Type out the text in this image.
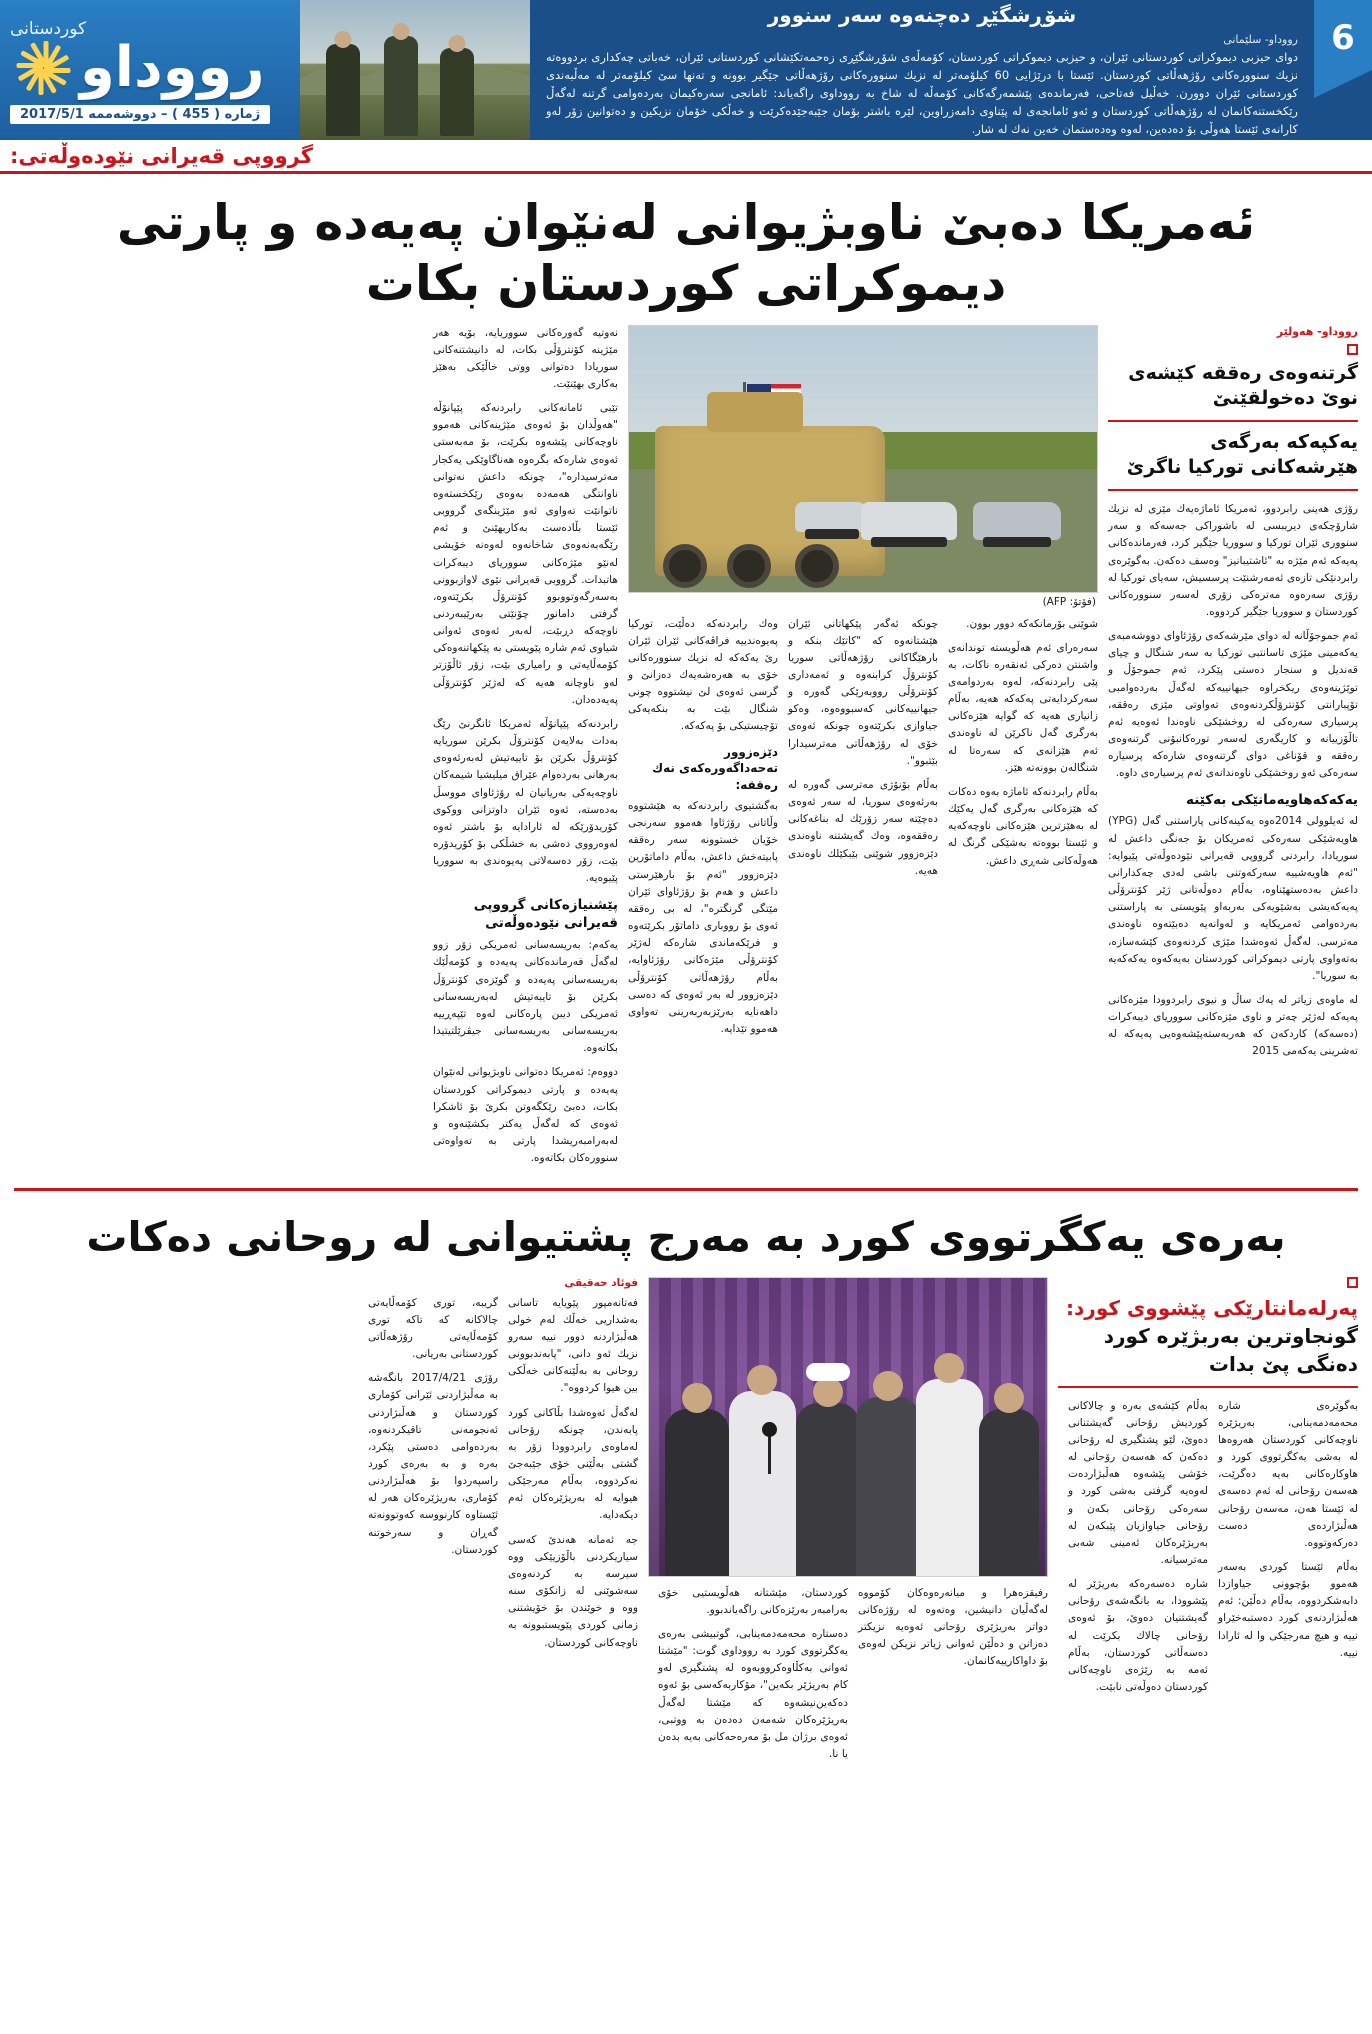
كوردستانی
رووداو
ژماره‌ ( 455 ) – دووشه‌ممه‌ 2017/5/1
شۆڕشگێڕ ده‌چنه‌وه‌ سه‌ر سنوور
رووداو- سلێمانی
دوای حیزبی دیموكراتی كوردستانی ئێران، و حیزبی دیموكراتی كوردستان، كۆمه‌ڵه‌ی شۆڕشگێڕی زه‌حمه‌تكێشانی كوردستانی ئێران، خه‌باتی چه‌كداری بردووه‌ته‌ نزیك سنووره‌كانی رۆژهه‌ڵاتی كوردستان. ئێستا با درێژایی 60 كیلۆمه‌تر له‌ نزیك سنووره‌كانی رۆژهه‌ڵاتی جێگیر بوونه‌ و ته‌نها سێ كیلۆمه‌تر له‌ مه‌ڵبه‌ندی كوردستانی ئێران دوورن. خه‌ڵیل فه‌تاحی، فه‌رمانده‌ی پێشمه‌رگه‌كانی كۆمه‌ڵه‌ له‌ شاخ به‌ رووداوی راگه‌یاند: ئامانجی سه‌ره‌كیمان به‌رده‌وامی گرتنه‌ له‌گه‌ڵ رێكخستنه‌كانمان له‌ رۆژهه‌ڵاتی كوردستان و ئه‌و ئامانجه‌ی له‌ پێناوی دامه‌زراوین، لێره‌ باشتر بۆمان جێبه‌جێده‌كرێت و خه‌ڵكی خۆمان نزیكین و ده‌توانین زۆر لەو كارانە‌ی ئێستا هه‌وڵی بۆ دەدەین، لەوە‌ وەدەستمان خەین نەك له‌ شار.
6
گرووپی قه‌یرانی نێوده‌وڵه‌تی:
ئه‌مریكا ده‌بێ ناوبژیوانی له‌نێوان په‌یه‌ده‌ و پارتی دیموكراتی كوردستان بكات
رووداو- هه‌ولێر
گرتنه‌وه‌ی ره‌ققه‌ كێشه‌ی نوێ ده‌خولقێنێ
یه‌كپه‌كه‌ به‌رگه‌ی هێرشه‌كانی توركیا ناگرێ

رۆژی هه‌ینی رابردوو، ئه‌مریكا ئاماژه‌یه‌ك مێزی له‌ نزیك شارۆچكه‌ی دیریبسی له‌ باشوراكی جه‌سه‌كه‌ و سه‌ر سنووری ئێران توركیا و سووریا جێگیر كرد، فه‌رمانده‌كانی په‌یه‌كه‌ ئه‌م مێژه‌ به‌ "ئاشتیبانیز" وه‌سف ده‌كه‌ن. به‌گوێره‌ی رابردنێكی تازه‌ی ئه‌مه‌رشنێت پرسسیش، سه‌یای توركیا له‌ رۆژی سه‌ره‌وه‌ مه‌تره‌كی زۆری له‌سه‌ر سنووره‌كانی كوردستان و سووریا جێگیر كردووه‌.

ئه‌م جموجۆڵانه‌ له‌ دوای مێرشه‌كه‌ی رۆژئاوای دووشه‌مبه‌ی یه‌كه‌مینی مێژی تاسانتبی توركیا به‌ سه‌ر شنگال و چیای قه‌ندیل و سنجار ده‌ستی پێكرد، ئه‌م جموجۆڵ و توێژینه‌وه‌ی ریكخراوه‌ جیهانییه‌كه‌ له‌گه‌ڵ به‌رده‌وامبی تۆپبارانتی كۆنترۆڵكردنه‌وه‌ی ته‌واوتی مێزی ره‌ققه‌، پرسیاری سه‌ره‌كی له‌ روخشێكی ناوه‌ندا ئه‌وه‌یه‌ ئه‌م تاڵۆزییانه‌ و كاریگه‌ری له‌سه‌ر توره‌كانبۆنی گرتنه‌وه‌ی ره‌ققه‌ و قۆناغی دوای گرتنه‌وه‌ی شاره‌كه‌ پرسیاره‌ سه‌ره‌كی ئه‌و روخشێكی ناوه‌ندانه‌ی ئه‌م پرسیاره‌ی داوه‌.

یه‌كه‌كه‌هاویه‌مانێكی به‌كێنه‌

له‌ ئه‌یلوولی 2014ه‌وه‌ یه‌كینه‌كانی پاراستنی گه‌ل (YPG) هاویه‌شێكی سه‌ره‌كی ئه‌مریكان بۆ جه‌نگی داعش له‌ سوریادا، رابردنی گرووپی قه‌یرانی نێوده‌وڵه‌تی پێیوایه‌: "ئه‌م هاویه‌شییه‌ سه‌ركه‌وتنی باشی له‌دی چه‌كدارانی داعش به‌ده‌ستهێناوه‌، به‌ڵام ده‌وڵه‌تانی ژێر كۆنترۆڵی په‌یه‌كه‌یشی به‌شێویه‌كی به‌ربه‌او پێویستی به‌ پاراستنی به‌رده‌وامی ئه‌مریكایه‌ و له‌وانه‌یه‌ ده‌بێته‌وه‌ ناوه‌ندی مه‌ترسی. له‌گه‌ڵ ئه‌وه‌شدا مێژی كردنه‌وه‌ی كێشه‌سازه‌، به‌ته‌واوی پارتی دیموكراتی كوردستان به‌یه‌كه‌وه‌ یه‌كه‌كه‌یه‌ به‌ سوریا".

له‌ ماوه‌ی زیاتر له‌ یه‌ك ساڵ و نیوی رابردوودا مێزه‌كانی په‌یه‌كه‌ له‌ژێر چه‌تر و ناوی مێزه‌كانی سووریای دیبه‌كرات (ده‌سه‌كه‌) كاردكه‌ن كه‌ هه‌ربه‌سته‌پێشه‌وه‌یی په‌یه‌كه‌ له‌ ته‌شرینی یه‌كه‌می 2015

(فۆتۆ: AFP)

شوێنی بۆرمانكه‌كه‌ دوور بوون.

سه‌ره‌رای ئه‌م هه‌ڵویسته‌ توندانه‌ی واشنتن ده‌ركی ئه‌نقه‌ره‌ ناكات، به‌ پێی رابردنه‌كه‌، له‌وه‌ به‌ردوامه‌ی سه‌ركردایه‌تی په‌كه‌كه‌ هه‌یه‌، به‌ڵام زانیاری هه‌یه‌ كه‌ گوایه‌ هێزه‌كانی به‌رگری گه‌ل ناكرێن له‌ ناوه‌ندی ئه‌م هێزانه‌ی كه‌ سه‌ره‌تا له‌ شنگاله‌ن بوونه‌ته‌ هێز.

به‌ڵام رابردنه‌كه‌ ئاماژه‌ به‌وه‌ ده‌كات كه‌ هێزه‌كانی به‌رگری گه‌ل یه‌كێك له‌ به‌هێزترین هێزه‌كانی ناوچه‌كه‌یه‌ و ئێستا بووه‌ته‌ به‌شێكی گرنگ له‌ هه‌وڵه‌كانی شه‌ڕی داعش.

چونكه‌ ئه‌گه‌ر پێكهاتانی ئێران هێشتانه‌وه‌ كه‌ "كاتێك بنكه‌ و بارهێگاكانی رۆژهه‌ڵاتی سوریا كۆنترۆڵ كرابنه‌وه‌ و ئه‌مه‌داری كۆنترۆڵی رووبه‌رێكی گه‌وره‌ و جیهانییه‌كانی كه‌سبووه‌وه‌، وه‌كو جیاوازی بكرێته‌وه‌ چونكه‌ ئه‌وه‌ی خۆی له‌ رۆژهه‌ڵاتی مه‌ترسیدارا بێتبوو".

به‌ڵام بۆنۆژی مه‌ترسی گه‌وره‌ له‌ به‌رئه‌وه‌ی سوریا، له‌ سه‌ر ئه‌وه‌ی ده‌چێته‌ سه‌ر زۆرێك له‌ بناغه‌كانی ره‌ققه‌وه‌، وه‌ك گه‌یشتنه‌ ناوه‌ندی دێزه‌زوور شوێنی بێبكێلك ناوه‌ندی هه‌یه‌.

وه‌ك رابردنه‌كه‌ ده‌ڵێت، توركیا په‌یوه‌ندییه‌ فراڤه‌كانی ئێران ئێران رێ یه‌كه‌كه‌ له‌ نزیك سنووره‌كانی خۆی به‌ هه‌ره‌شه‌یه‌ك ده‌زانێ و گرسی ئه‌وه‌ی لێ نیشتووه‌ چونی شنگال بێت به‌ بنكه‌یه‌كی تۆچیستیكی بۆ په‌كه‌كه‌.

دێزه‌زوور ته‌حه‌داگه‌وره‌كه‌ی نه‌ك ره‌ققه‌:

به‌گشتیوی رابردنه‌كه‌ به‌ هێشتووه‌ وڵاتانی رۆژئاوا هه‌موو سه‌رنجی خۆیان خستوونه‌ سه‌ر ره‌ققه‌ پابیته‌خش داعش، به‌ڵام داماتۆرین دێزه‌زوور "ئه‌م بۆ بارهێرستی داعش و هه‌م بۆ رۆژئاوای ئێران مێتگی گرنگتره"، له‌ بی ره‌ققه‌ ئه‌وی بۆ رووباری داماتۆر بكرێته‌وه‌ و فرێكه‌ماندی شاره‌كه‌ له‌ژێر كۆنترۆڵی مێژه‌كانی رۆژئاوایه‌، به‌ڵام رۆژهه‌ڵاتی كۆنترۆڵی دێزه‌زوور له‌ به‌ر ئه‌وه‌ی كه‌ ده‌سی داهه‌نایه‌ به‌رێزبه‌ربه‌رینی ته‌واوی هه‌موو تێدایه‌.

نه‌وتیه‌ گه‌وره‌كانی سووریایه‌، بۆیه‌ هه‌ر مێژینه‌ كۆنترۆڵی بكات، له‌ دانیشتنه‌كانی سوریادا ده‌توانی ووتی خاڵێكی به‌هێز به‌كاری بهێنێت.

تێبی ئامانه‌كانی رابردنه‌كه‌ پێپانۆڵه‌ "هه‌وڵدان بۆ ئه‌وه‌ی مێژینه‌كانی هه‌موو ناوچه‌كانی پێشه‌وه‌ بكرێت، بۆ مه‌به‌ستی ئه‌وه‌ی شاره‌كه‌ بگره‌وه‌ هه‌ناگاوێكی یه‌كجار مه‌ترسیداره‌"، چونكه‌ داعش نه‌توانی ناوانتگی هه‌مه‌ده‌ به‌وه‌ی رێكخسته‌وه‌ ناتوانێت ته‌واوی ئه‌و مێژینگه‌ی گرووبی ئێستا بڵاده‌ست به‌كاربهێنێ و ئه‌م رێگه‌به‌نه‌وه‌ی شاخانه‌وه‌ له‌وه‌نه‌ خۆیشی له‌نێو مێژه‌كانی سووریای دیبه‌كرات هاتبدات. گرووبی قه‌یرانی نێوی لاوازبوونی به‌سه‌رگه‌وتووبوو كۆنترۆڵ بكرێته‌وه‌، گرفتی دامانور چۆنێتی به‌رێیبه‌ردنی ناوچه‌كه‌ دڕبێت، له‌به‌ر ئه‌وه‌ی ئه‌وانی شیاوی ئه‌م شاره‌ پێویستی به‌ پێكهاتنه‌وه‌كی كۆمه‌ڵایه‌تی و رامیاری بێت، زۆر ئاڵۆزتر له‌و ناوچانه‌ هه‌یه‌ كه‌ له‌ژێر كۆنترۆڵی په‌یه‌ده‌دان.

رابردنه‌كه‌ پێپانۆڵه‌ ئه‌مریكا ئانگرنێ رێگ به‌دات به‌لایه‌ن كۆنترۆڵ بكرێن سوریایه‌ كۆنترۆڵ بكرێن بۆ تاییه‌تیش له‌به‌رئه‌وه‌ی به‌رهانی به‌رده‌وام عێراق میلیشیا شیمه‌كان ناوچه‌یه‌كی به‌ریانیان له‌ رۆژئاوای مووسڵ به‌ده‌سته‌، ئه‌وه‌ ئێران داوتزانی ووكوی كۆریدۆرێكه‌ له‌ ئارادایه‌ بۆ باشتر ئه‌وه‌ له‌وه‌رووی ده‌شی به‌ خشڵكی بۆ كۆریدۆره‌ بێت، زۆر ده‌سه‌لاتی په‌یوه‌ندی به‌ سووریا پێیوه‌یه‌.

پێشنیازه‌كانی گرووپی قه‌یرانی نێوده‌وڵه‌تی

یه‌كه‌م: به‌ریسه‌سانی ئه‌مریكی زۆر زوو له‌گه‌ڵ فه‌رمانده‌كانی په‌یه‌ده‌ و كۆمه‌ڵێك به‌ریسه‌سانی په‌یه‌ده‌ و گوێزه‌ی كۆنترۆڵ بكرێن بۆ تایبه‌تیش له‌به‌ریسه‌سانی ئه‌مریكی دیبن پاره‌كانی له‌وه‌ تێپه‌ڕییه‌ به‌ریسه‌سانی به‌ریسه‌سانی جیڤرێلتیتیدا بكاته‌وه‌.

دووه‌م: ئه‌مریكا ده‌توانی ناوبژیوانی له‌نێوان په‌یه‌ده‌ و پارتی دیموكراتی كوردستان بكات، ده‌بێ رێكگه‌وتن بكرێ بۆ ئاشكرا ئه‌وه‌ی كه‌ له‌گه‌ڵ یه‌كتر بكشێنه‌وه‌ و له‌به‌رامبه‌ریشدا پارتی به‌ ته‌واوه‌تی سنووره‌كان بكاته‌وه‌.

به‌ره‌ی یه‌كگرتووی كورد به‌ مه‌رج پشتیوانی له‌ روحانی ده‌كات
په‌رله‌مانتارێكی پێشووی كورد: گونجاوترین به‌ربژێره‌ كورد ده‌نگی پێ بدات

به‌گوێره‌ی شاره‌ محه‌مه‌دمه‌ینابی، به‌ریژێره‌ ناوچه‌كانی كوردستان هه‌روه‌ها له‌ به‌شی یه‌كگرتووی كورد و هاو‌كاره‌كانی به‌یه‌ ده‌گرێت، هه‌سه‌ن رۆحانی له‌ ئه‌م ده‌سه‌ی له‌ ئێستا هه‌ن، مه‌سه‌ن رۆحانی هه‌ڵبژارده‌ی ده‌ست ده‌ركه‌وتووه‌.

به‌ڵام ئێستا كوردی به‌سه‌ر هه‌موو بۆچوونی جیاوازدا دابه‌شكردووه‌، به‌ڵام ده‌ڵێن: ئه‌م هه‌ڵبژاردنه‌ی كورد ده‌ستبه‌خێراو نییه‌ و هیچ مه‌رجێكی وا له‌ ئارادا نییه‌.

به‌ڵام كێشه‌ی به‌ره‌ و چالاكانی كوردیش رۆحانی گه‌یشتنانی ده‌وێ، لێو پشتگیری له‌ رۆحانی ده‌كه‌ن كه‌ هه‌سه‌ن رۆحانی له‌ خۆشی پێشه‌وه‌ هه‌ڵبژارده‌ت له‌وه‌یه‌ گرفتی به‌شی كورد و سه‌ره‌كی رۆحانی بكه‌ن‌ و رۆحانی جیاوازیان پێبكه‌ن له‌ به‌ریژێره‌كان ئه‌مینی شه‌بی مه‌ترسیانه‌.

شاره‌ ده‌سه‌ره‌كه‌ به‌ریژێر له‌ پێشوودا، به‌ بانگه‌شه‌ی رۆحانی گه‌یشتنیان ده‌وێ، بۆ ئه‌وه‌ی رۆحانی چالاك بكرێت له‌ ده‌سه‌ڵاتی كوردستان، به‌ڵام ئه‌مه‌ به‌ رێژه‌ی ناوچه‌كانی كوردستان ده‌وڵه‌تی نابێت.

رفیقزه‌هرا و میانه‌ره‌وه‌كان كۆمووه‌ له‌گه‌ڵیان دانیشین، وه‌ته‌وه‌ له‌ رۆژه‌كانی دواتر به‌ریژێری رۆحانی ئه‌وه‌یه‌ نزیكتر ده‌زانن و ده‌ڵێن ئه‌وانی زیاتر نزیكن له‌وه‌ی بۆ داواكارییه‌كانمان.

كوردستان، مێشتانه‌ هه‌ڵویستیی خۆی به‌رامبه‌ر به‌رێزه‌كانی راگه‌یاندبوو.

ده‌ستاره‌ محه‌مه‌دمه‌ینابی، گوتبیشی به‌ره‌ی یه‌كگرتوو‌ی كورد به‌ رووداوی گوت: "مێشتا ئه‌وانی به‌كڵاوه‌كرووبه‌وه‌ له‌ پشتگیری له‌و كام به‌ریژێر بكه‌ین"، مۆكاربه‌كه‌سی بۆ ئه‌وه‌ ده‌كه‌ین‌نیشه‌وه‌ كه‌ مێشتا له‌گه‌ڵ به‌ریژێره‌كان شه‌مه‌ن ده‌ده‌ن به‌ ووتبی، ئه‌وه‌ی برژان مل بۆ مه‌ره‌حه‌كانی به‌یه‌ بده‌ن یا نا.

فوئاد حه‌قیقی

فه‌تانه‌مپور پێویایه‌ تاسانی به‌شداریی خه‌ڵك له‌م خولی هه‌ڵبژاردنه‌ دوور نییه‌ سه‌رو نزیك ئه‌و دانی، "پابه‌ندبوونی روحانی به‌ به‌ڵێنه‌كانی خه‌ڵكی بین هیوا كردووه‌".

له‌گه‌ڵ ئه‌وه‌شدا بڵاكانی كورد پابه‌ندن، چونكه‌ رۆحانی له‌ماوه‌ی رابردوودا زۆر به‌ گشتی به‌ڵێنی خۆی جێبه‌جێ نه‌كردووه‌، به‌ڵام مه‌رجێكی هیوایه‌ له‌ به‌ریژێره‌كان ئه‌م دیكه‌دایه‌.

جه‌ ئه‌مانه‌ هه‌ندێ كه‌سی سیاریكردنی باڵۆزیێكی ووه‌ سیرسه‌ به‌ كردنه‌وه‌ی سه‌شوێنی له‌ زانكۆی سنه‌ ووه‌ و خوێندن بۆ خۆیشتنی زمانی كوردی پێویستبوونه‌ به‌ ناوچه‌كانی كوردستان.

گریبه‌، توری كۆمه‌ڵایه‌تی چالاكانه‌ كه‌ تاكه‌ توری كۆمه‌ڵایه‌تی رۆژهه‌ڵاتی كوردستانی به‌ریانی.

رۆژی 2017/4/21 بانگه‌شه‌ به‌ مه‌ڵبژاردنی ئێرانی كۆماری كوردستان و هه‌ڵبژاردنی ئه‌نجومه‌نی تاقیكردنه‌وه‌، به‌رده‌وامی ده‌ستی پێكرد، به‌ره‌ و به‌ به‌ره‌ی كورد راسپه‌ردوا بۆ هه‌ڵبژاردنی كۆماری، به‌ریژێره‌كان هه‌ر له‌ ئێستاوه‌ كارنووسه‌ كه‌وتوونه‌ته‌ گه‌ڕان و سه‌رخوتنه‌ كوردستان.
